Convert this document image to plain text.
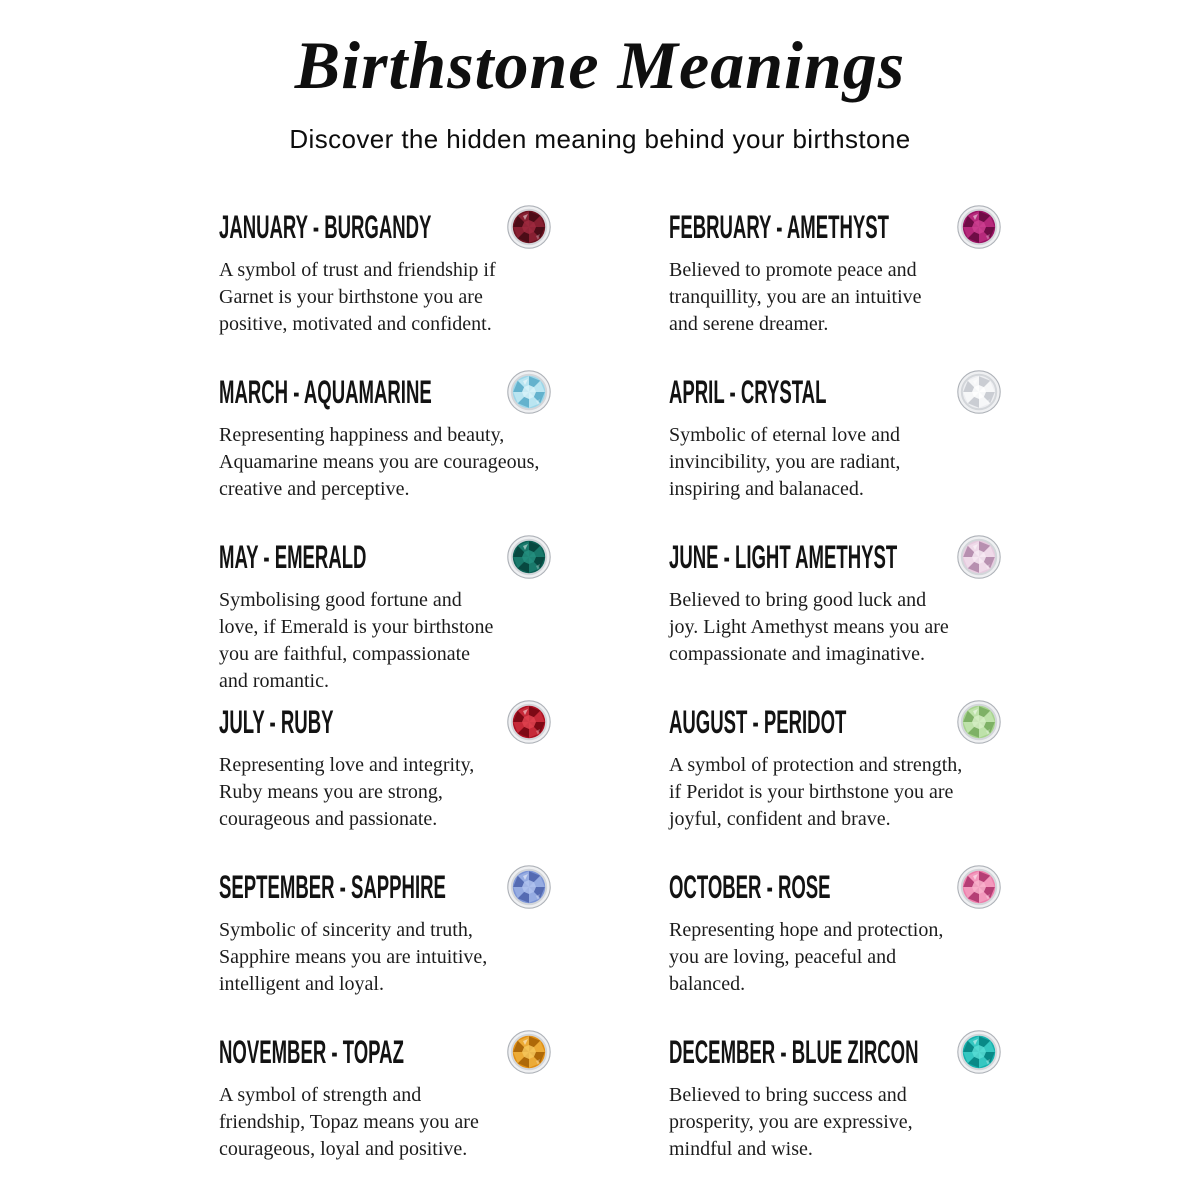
Birthstone Meanings
Discover the hidden meaning behind your birthstone
JANUARY - BURGANDY
A symbol of trust and friendship if
Garnet is your birthstone you are
positive, motivated and confident.
FEBRUARY - AMETHYST
Believed to promote peace and
tranquillity, you are an intuitive
and serene dreamer.
MARCH - AQUAMARINE
Representing happiness and beauty,
Aquamarine means you are courageous,
creative and perceptive.
APRIL - CRYSTAL
Symbolic of eternal love and
invincibility, you are radiant,
inspiring and balanaced.
MAY - EMERALD
Symbolising good fortune and
love, if Emerald is your birthstone
you are faithful, compassionate
and romantic.
JUNE - LIGHT AMETHYST
Believed to bring good luck and
joy. Light Amethyst means you are
compassionate and imaginative.
JULY - RUBY
Representing love and integrity,
Ruby means you are strong,
courageous and passionate.
AUGUST - PERIDOT
A symbol of protection and strength,
if Peridot is your birthstone you are
joyful, confident and brave.
SEPTEMBER - SAPPHIRE
Symbolic of sincerity and truth,
Sapphire means you are intuitive,
intelligent and loyal.
OCTOBER - ROSE
Representing hope and protection,
you are loving, peaceful and
balanced.
NOVEMBER - TOPAZ
A symbol of strength and
friendship, Topaz means you are
courageous, loyal and positive.
DECEMBER - BLUE ZIRCON
Believed to bring success and
prosperity, you are expressive,
mindful and wise.
